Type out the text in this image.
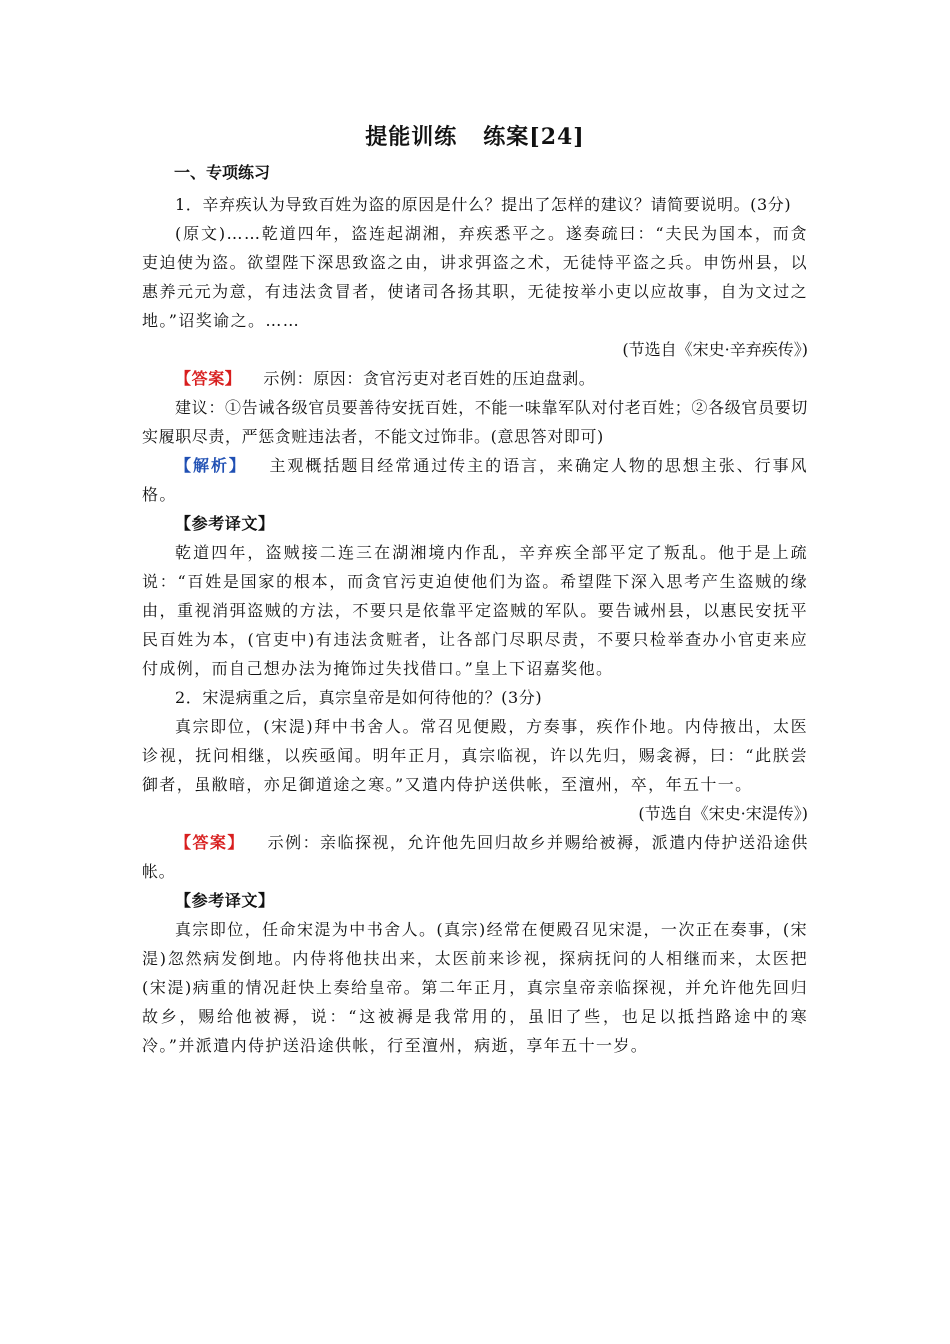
提能训练 练案[24]
一、专项练习

1．辛弃疾认为导致百姓为盗的原因是什么？提出了怎样的建议？请简要说明。(3分)

(原文)……乾道四年，盗连起湖湘，弃疾悉平之。遂奏疏曰：“夫民为国本，而贪吏迫使为盗。欲望陛下深思致盗之由，讲求弭盗之术，无徒恃平盗之兵。申饬州县，以惠养元元为意，有违法贪冒者，使诸司各扬其职，无徒按举小吏以应故事，自为文过之地。”诏奖谕之。……

(节选自《宋史·辛弃疾传》)

【答案】 示例：原因：贪官污吏对老百姓的压迫盘剥。

建议：①告诫各级官员要善待安抚百姓，不能一味靠军队对付老百姓；②各级官员要切实履职尽责，严惩贪赃违法者，不能文过饰非。(意思答对即可)

【解析】 主观概括题目经常通过传主的语言，来确定人物的思想主张、行事风格。

【参考译文】

乾道四年，盗贼接二连三在湖湘境内作乱，辛弃疾全部平定了叛乱。他于是上疏说：“百姓是国家的根本，而贪官污吏迫使他们为盗。希望陛下深入思考产生盗贼的缘由，重视消弭盗贼的方法，不要只是依靠平定盗贼的军队。要告诫州县，以惠民安抚平民百姓为本，(官吏中)有违法贪赃者，让各部门尽职尽责，不要只检举查办小官吏来应付成例，而自己想办法为掩饰过失找借口。”皇上下诏嘉奖他。

2．宋湜病重之后，真宗皇帝是如何待他的？(3分)

真宗即位，(宋湜)拜中书舍人。常召见便殿，方奏事，疾作仆地。内侍掖出，太医诊视，抚问相继，以疾亟闻。明年正月，真宗临视，许以先归，赐衾褥，曰：“此朕尝御者，虽敝暗，亦足御道途之寒。”又遣内侍护送供帐，至澶州，卒，年五十一。

(节选自《宋史·宋湜传》)

【答案】 示例：亲临探视，允许他先回归故乡并赐给被褥，派遣内侍护送沿途供帐。

【参考译文】

真宗即位，任命宋湜为中书舍人。(真宗)经常在便殿召见宋湜，一次正在奏事，(宋湜)忽然病发倒地。内侍将他扶出来，太医前来诊视，探病抚问的人相继而来，太医把(宋湜)病重的情况赶快上奏给皇帝。第二年正月，真宗皇帝亲临探视，并允许他先回归故乡，赐给他被褥，说：“这被褥是我常用的，虽旧了些，也足以抵挡路途中的寒冷。”并派遣内侍护送沿途供帐，行至澶州，病逝，享年五十一岁。
